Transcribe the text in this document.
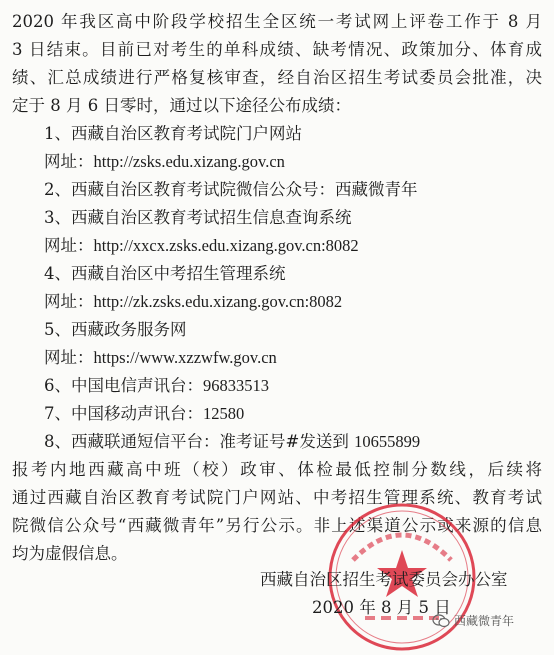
2020 年我区高中阶段学校招生全区统一考试网上评卷工作于 8 月
3 日结束。目前已对考生的单科成绩、缺考情况、政策加分、体育成
绩、汇总成绩进行严格复核审查，经自治区招生考试委员会批准，决
定于 8 月 6 日零时，通过以下途径公布成绩：
1、西藏自治区教育考试院门户网站
网址：http://zsks.edu.xizang.gov.cn
2、西藏自治区教育考试院微信公众号：西藏微青年
3、西藏自治区教育考试招生信息查询系统
网址：http://xxcx.zsks.edu.xizang.gov.cn:8082
4、西藏自治区中考招生管理系统
网址：http://zk.zsks.edu.xizang.gov.cn:8082
5、西藏政务服务网
网址：https://www.xzzwfw.gov.cn
6、中国电信声讯台：96833513
7、中国移动声讯台：12580
8、西藏联通短信平台：准考证号#发送到 10655899
报考内地西藏高中班（校）政审、体检最低控制分数线，后续将
通过西藏自治区教育考试院门户网站、中考招生管理系统、教育考试
院微信公众号“西藏微青年”另行公示。非上述渠道公示或来源的信息
均为虚假信息。
西藏自治区招生考试委员会办公室
2020 年 8 月 5 日
西藏微青年
